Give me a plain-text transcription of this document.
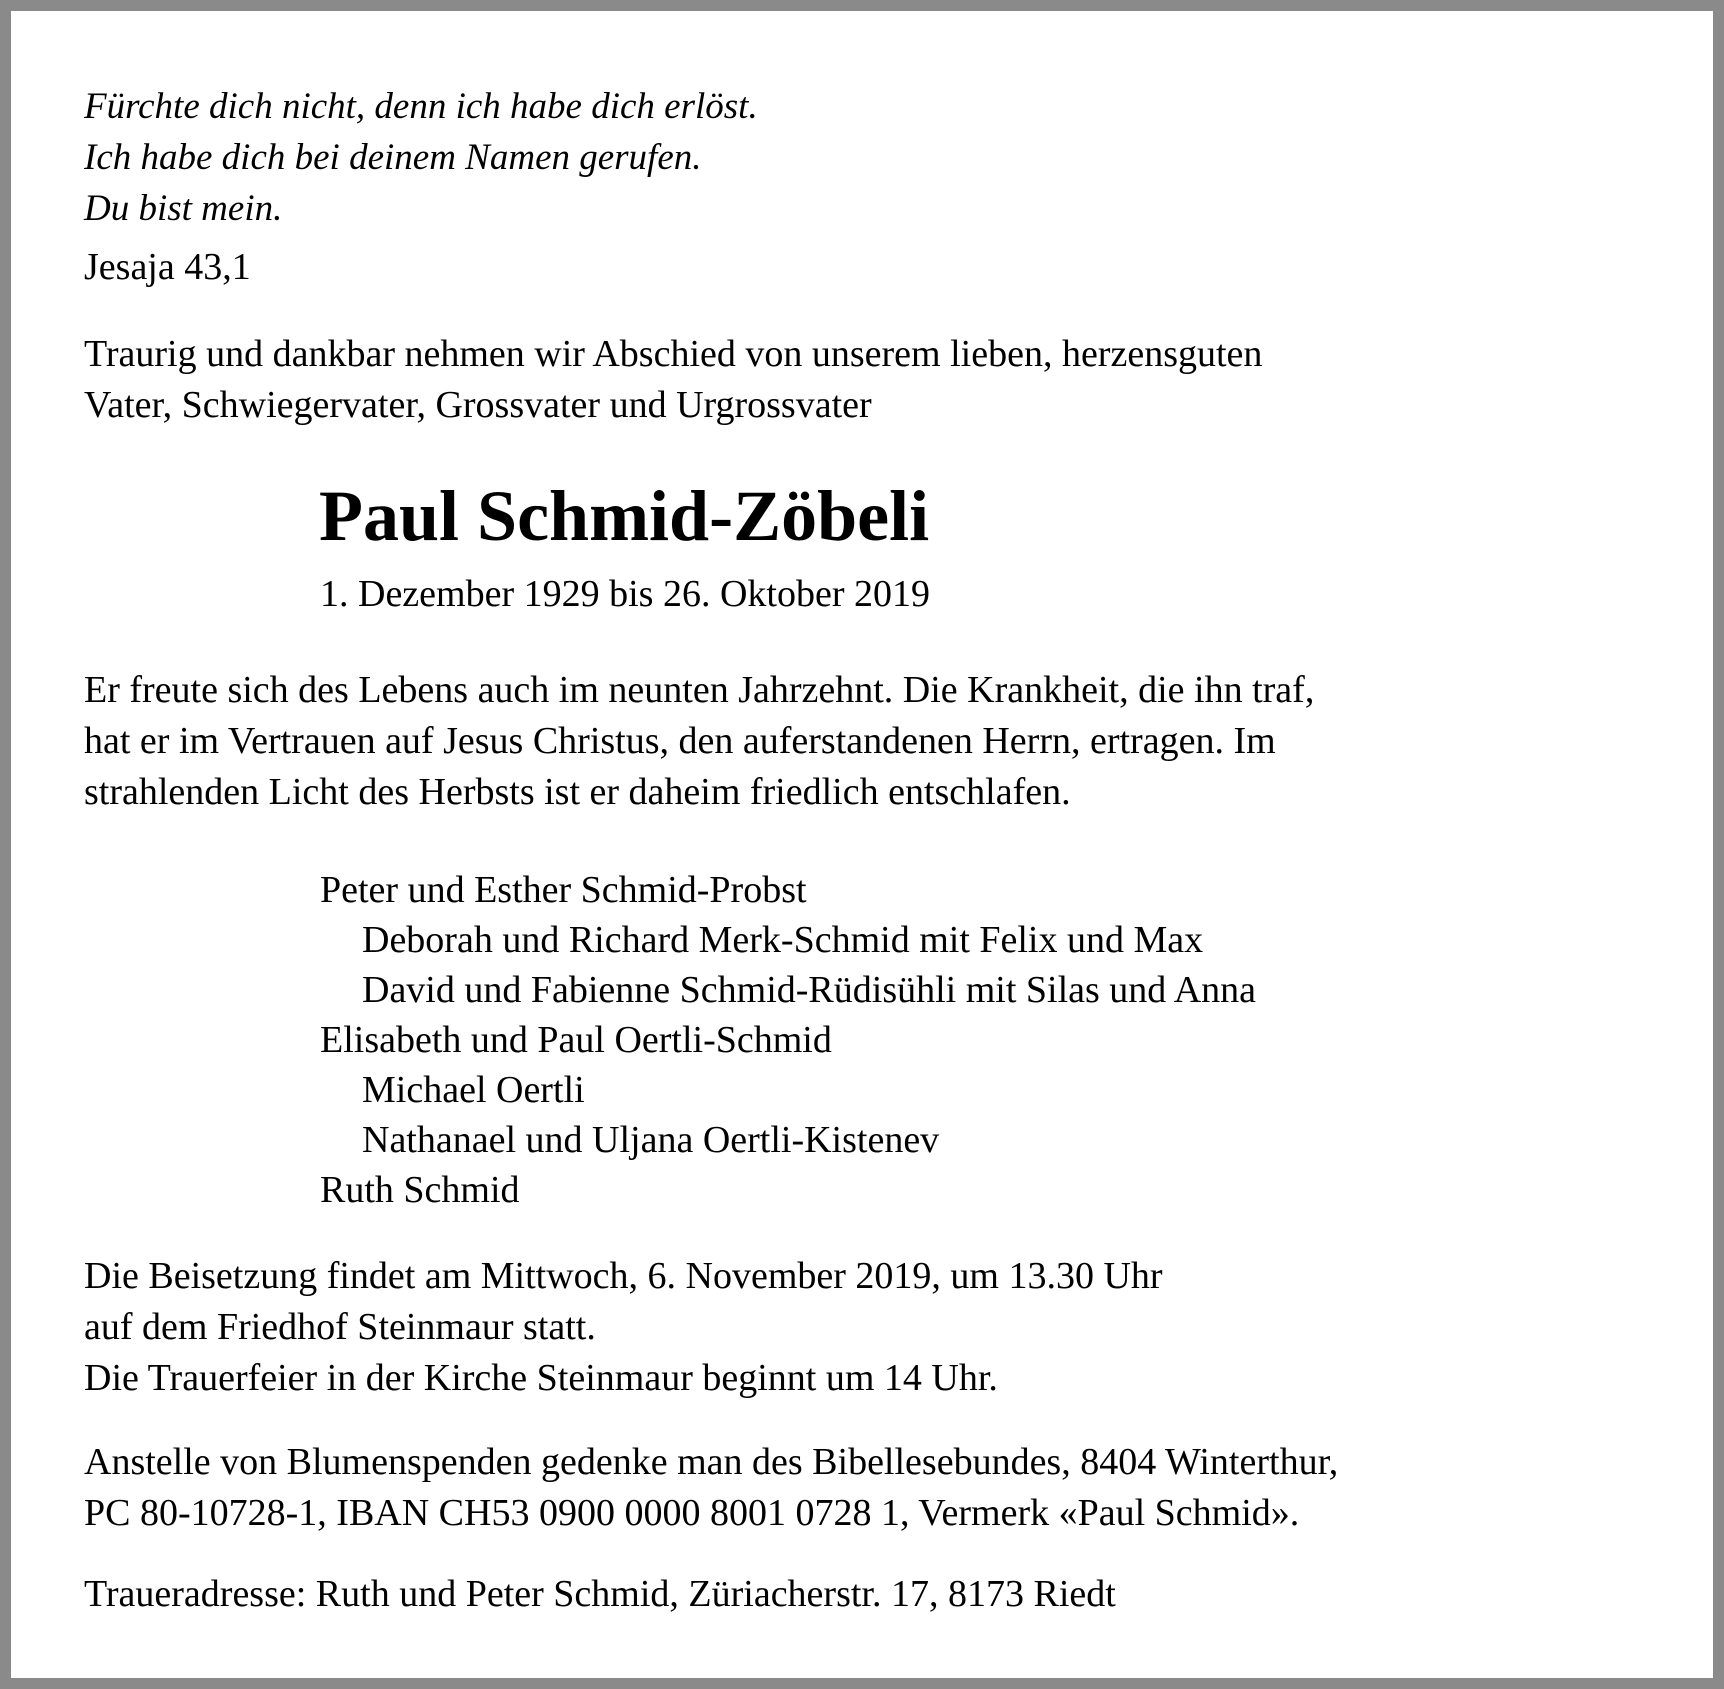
Fürchte dich nicht, denn ich habe dich erlöst.
Ich habe dich bei deinem Namen gerufen.
Du bist mein.
Jesaja 43,1
Traurig und dankbar nehmen wir Abschied von unserem lieben, herzensguten
Vater, Schwiegervater, Grossvater und Urgrossvater
Paul Schmid-Zöbeli
1. Dezember 1929 bis 26. Oktober 2019
Er freute sich des Lebens auch im neunten Jahrzehnt. Die Krankheit, die ihn traf,
hat er im Vertrauen auf Jesus Christus, den auferstandenen Herrn, ertragen. Im
strahlenden Licht des Herbsts ist er daheim friedlich entschlafen.
Peter und Esther Schmid-Probst
Deborah und Richard Merk-Schmid mit Felix und Max
David und Fabienne Schmid-Rüdisühli mit Silas und Anna
Elisabeth und Paul Oertli-Schmid
Michael Oertli
Nathanael und Uljana Oertli-Kistenev
Ruth Schmid
Die Beisetzung findet am Mittwoch, 6. November 2019, um 13.30 Uhr
auf dem Friedhof Steinmaur statt.
Die Trauerfeier in der Kirche Steinmaur beginnt um 14 Uhr.
Anstelle von Blumenspenden gedenke man des Bibellesebundes, 8404 Winterthur,
PC 80-10728-1, IBAN CH53 0900 0000 8001 0728 1, Vermerk «Paul Schmid».
Traueradresse: Ruth und Peter Schmid, Züriacherstr. 17, 8173 Riedt
